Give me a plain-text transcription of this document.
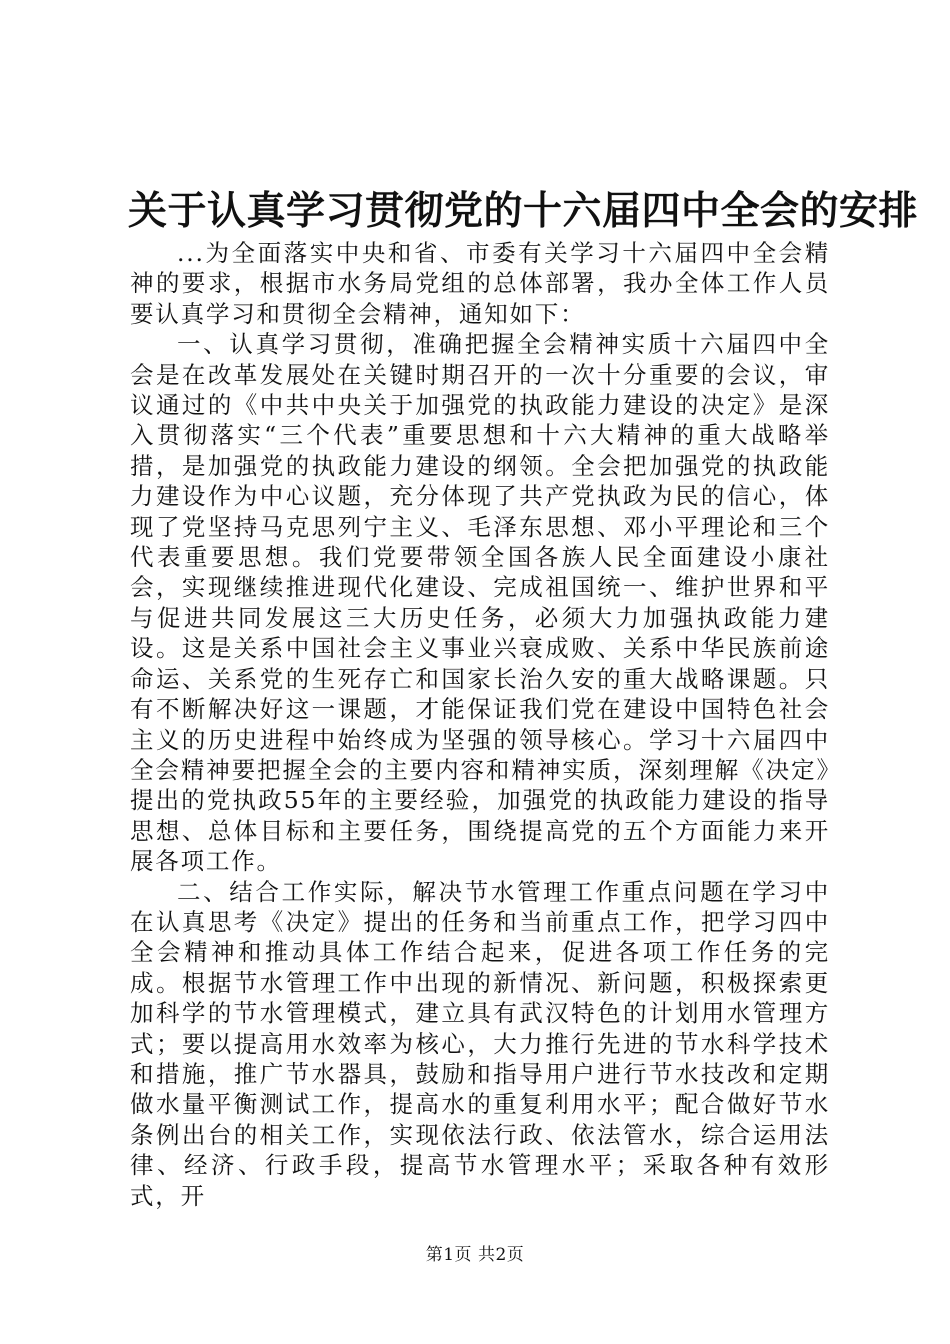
关于认真学习贯彻党的十六届四中全会的安排

...为全面落实中央和省、市委有关学习十六届四中全会精神的要求，根据市水务局党组的总体部署，我办全体工作人员要认真学习和贯彻全会精神，通知如下：

一、认真学习贯彻，准确把握全会精神实质十六届四中全会是在改革发展处在关键时期召开的一次十分重要的会议，审议通过的《中共中央关于加强党的执政能力建设的决定》是深入贯彻落实“三个代表”重要思想和十六大精神的重大战略举措，是加强党的执政能力建设的纲领。全会把加强党的执政能力建设作为中心议题，充分体现了共产党执政为民的信心，体现了党坚持马克思列宁主义、毛泽东思想、邓小平理论和三个代表重要思想。我们党要带领全国各族人民全面建设小康社会，实现继续推进现代化建设、完成祖国统一、维护世界和平与促进共同发展这三大历史任务，必须大力加强执政能力建设。这是关系中国社会主义事业兴衰成败、关系中华民族前途命运、关系党的生死存亡和国家长治久安的重大战略课题。只有不断解决好这一课题，才能保证我们党在建设中国特色社会主义的历史进程中始终成为坚强的领导核心。学习十六届四中全会精神要把握全会的主要内容和精神实质，深刻理解《决定》提出的党执政55年的主要经验，加强党的执政能力建设的指导思想、总体目标和主要任务，围绕提高党的五个方面能力来开展各项工作。

二、结合工作实际，解决节水管理工作重点问题在学习中在认真思考《决定》提出的任务和当前重点工作，把学习四中全会精神和推动具体工作结合起来，促进各项工作任务的完成。根据节水管理工作中出现的新情况、新问题，积极探索更加科学的节水管理模式，建立具有武汉特色的计划用水管理方式；要以提高用水效率为核心，大力推行先进的节水科学技术和措施，推广节水器具，鼓励和指导用户进行节水技改和定期做水量平衡测试工作，提高水的重复利用水平；配合做好节水条例出台的相关工作，实现依法行政、依法管水，综合运用法律、经济、行政手段，提高节水管理水平；采取各种有效形式，开

第1页 共2页
